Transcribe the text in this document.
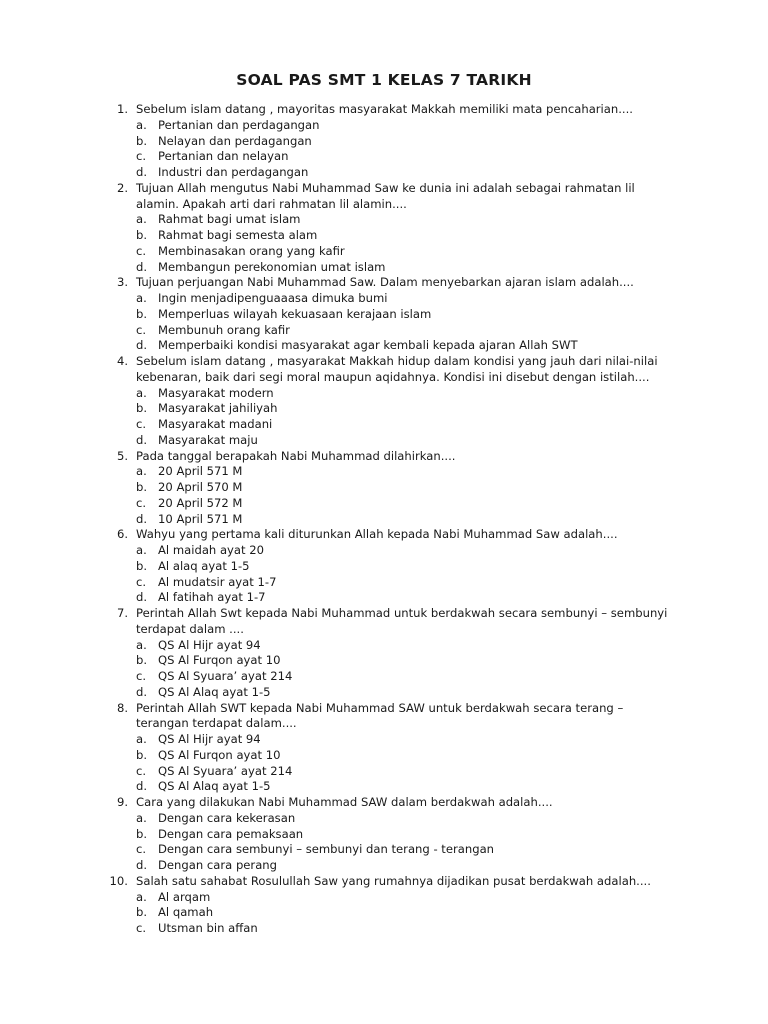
SOAL PAS SMT 1 KELAS 7 TARIKH
1. Sebelum islam datang , mayoritas masyarakat Makkah memiliki mata pencaharian....
a. Pertanian dan perdagangan
b. Nelayan dan perdagangan
c. Pertanian dan nelayan
d. Industri dan perdagangan
2. Tujuan Allah mengutus Nabi Muhammad Saw ke dunia ini adalah sebagai rahmatan lil alamin. Apakah arti dari rahmatan lil alamin....
a. Rahmat bagi umat islam
b. Rahmat bagi semesta alam
c. Membinasakan orang yang kafir
d. Membangun perekonomian umat islam
3. Tujuan perjuangan Nabi Muhammad Saw. Dalam menyebarkan ajaran islam adalah....
a. Ingin menjadipenguaaasa dimuka bumi
b. Memperluas wilayah kekuasaan kerajaan islam
c. Membunuh orang kafir
d. Memperbaiki kondisi masyarakat agar kembali kepada ajaran Allah SWT
4. Sebelum islam datang , masyarakat Makkah hidup dalam kondisi yang jauh dari nilai-nilai kebenaran, baik dari segi moral maupun aqidahnya. Kondisi ini disebut dengan istilah....
a. Masyarakat modern
b. Masyarakat jahiliyah
c. Masyarakat madani
d. Masyarakat maju
5. Pada tanggal berapakah Nabi Muhammad dilahirkan....
a. 20 April 571 M
b. 20 April 570 M
c. 20 April 572 M
d. 10 April 571 M
6. Wahyu yang pertama kali diturunkan Allah kepada Nabi Muhammad Saw adalah....
a. Al maidah ayat 20
b. Al alaq ayat 1-5
c. Al mudatsir ayat 1-7
d. Al fatihah ayat 1-7
7. Perintah Allah Swt kepada Nabi Muhammad untuk berdakwah secara sembunyi – sembunyi terdapat dalam ....
a. QS Al Hijr ayat 94
b. QS Al Furqon ayat 10
c. QS Al Syuara’ ayat 214
d. QS Al Alaq ayat 1-5
8. Perintah Allah SWT kepada Nabi Muhammad SAW untuk berdakwah secara terang – terangan terdapat dalam....
a. QS Al Hijr ayat 94
b. QS Al Furqon ayat 10
c. QS Al Syuara’ ayat 214
d. QS Al Alaq ayat 1-5
9. Cara yang dilakukan Nabi Muhammad SAW dalam berdakwah adalah....
a. Dengan cara kekerasan
b. Dengan cara pemaksaan
c. Dengan cara sembunyi – sembunyi dan terang - terangan
d. Dengan cara perang
10. Salah satu sahabat Rosulullah Saw yang rumahnya dijadikan pusat berdakwah adalah....
a. Al arqam
b. Al qamah
c. Utsman bin affan
